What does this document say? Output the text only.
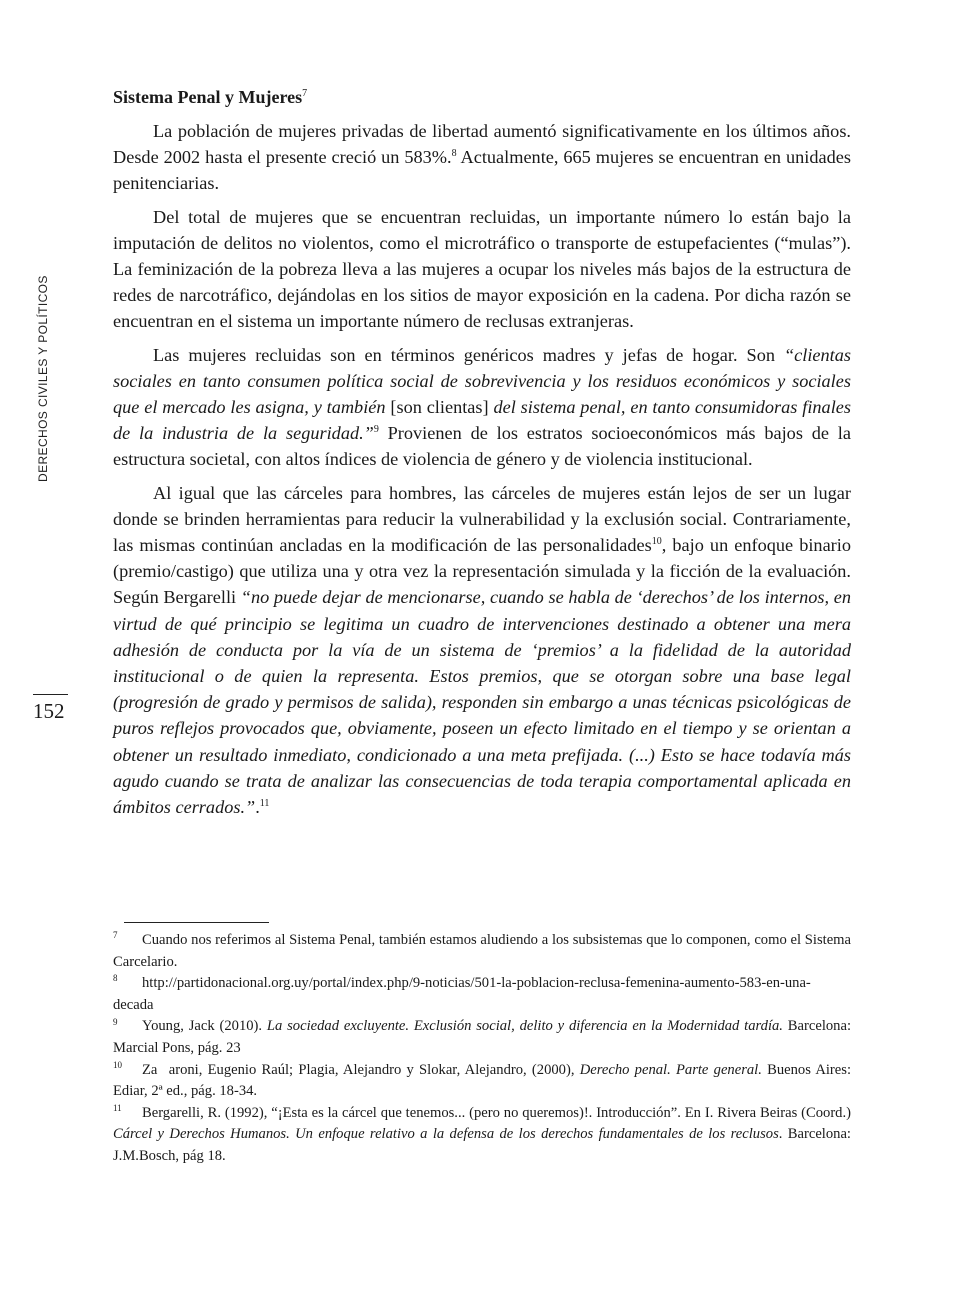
DERECHOS CIVILES Y POLÍTICOS
152
Sistema Penal y Mujeres$^7$

La población de mujeres privadas de libertad aumentó significativamente en los últimos años. Desde 2002 hasta el presente creció un 583%.$^8$ Actualmente, 665 mujeres se encuentran en unidades penitenciarias.

Del total de mujeres que se encuentran recluidas, un importante número lo están bajo la imputación de delitos no violentos, como el microtráfico o transporte de estupefacientes (“mulas”). La feminización de la pobreza lleva a las mujeres a ocupar los niveles más bajos de la estructura de redes de narcotráfico, dejándolas en los sitios de mayor exposición en la cadena. Por dicha razón se encuentran en el sistema un importante número de reclusas extranjeras.

Las mujeres recluidas son en términos genéricos madres y jefas de hogar. Son “clientas sociales en tanto consumen política social de sobrevivencia y los residuos económicos y sociales que el mercado les asigna, y también [son clientas] del sistema penal, en tanto consumidoras finales de la industria de la seguridad.”$^9$ Provienen de los estratos socioeconómicos más bajos de la estructura societal, con altos índices de violencia de género y de violencia institucional.

Al igual que las cárceles para hombres, las cárceles de mujeres están lejos de ser un lugar donde se brinden herramientas para reducir la vulnerabilidad y la exclusión social. Contrariamente, las mismas continúan ancladas en la modificación de las personalidades$^{10}$, bajo un enfoque binario (premio/castigo) que utiliza una y otra vez la representación simulada y la ficción de la evaluación. Según Bergarelli “no puede dejar de mencionarse, cuando se habla de ‘derechos’ de los internos, en virtud de qué principio se legitima un cuadro de intervenciones destinado a obtener una mera adhesión de conducta por la vía de un sistema de ‘premios’ a la fidelidad de la autoridad institucional o de quien la representa. Estos premios, que se otorgan sobre una base legal (progresión de grado y permisos de salida), responden sin embargo a unas técnicas psicológicas de puros reflejos provocados que, obviamente, poseen un efecto limitado en el tiempo y se orientan a obtener un resultado inmediato, condicionado a una meta prefijada. (...) Esto se hace todavía más agudo cuando se trata de analizar las consecuencias de toda terapia comportamental aplicada en ámbitos cerrados.”.$^{11}$

7 Cuando nos referimos al Sistema Penal, también estamos aludiendo a los subsistemas que lo componen, como el Sistema Carcelario.

8 http://partidonacional.org.uy/portal/index.php/9-noticias/501-la-poblacion-reclusa-femenina-aumento-583-en-una-decada

9 Young, Jack (2010). La sociedad excluyente. Exclusión social, delito y diferencia en la Modernidad tardía. Barcelona: Marcial Pons, pág. 23

10 Za aroni, Eugenio Raúl; Plagia, Alejandro y Slokar, Alejandro, (2000), Derecho penal. Parte general. Buenos Aires: Ediar, 2ª ed., pág. 18-34.

11 Bergarelli, R. (1992), “¡Esta es la cárcel que tenemos... (pero no queremos)!. Introducción”. En I. Rivera Beiras (Coord.) Cárcel y Derechos Humanos. Un enfoque relativo a la defensa de los derechos fundamentales de los reclusos. Barcelona: J.M.Bosch, pág 18.
